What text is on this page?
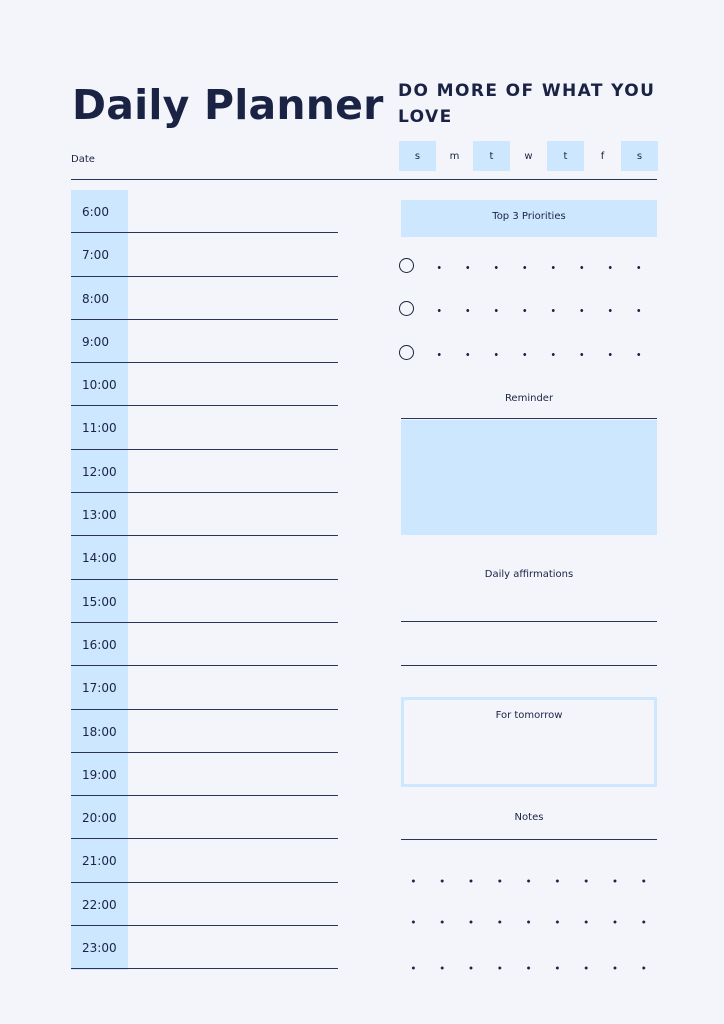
Daily Planner DO MORE OF WHAT YOU LOVE
Date	s	m	t	w	t	f	s
6:00
7:00
8:00
9:00
10:00
11:00
12:00
13:00
14:00
15:00
16:00
17:00
18:00
19:00
20:00
21:00
22:00
23:00
Top 3 Priorities
Reminder
Daily affirmations
For tomorrow
Notes
